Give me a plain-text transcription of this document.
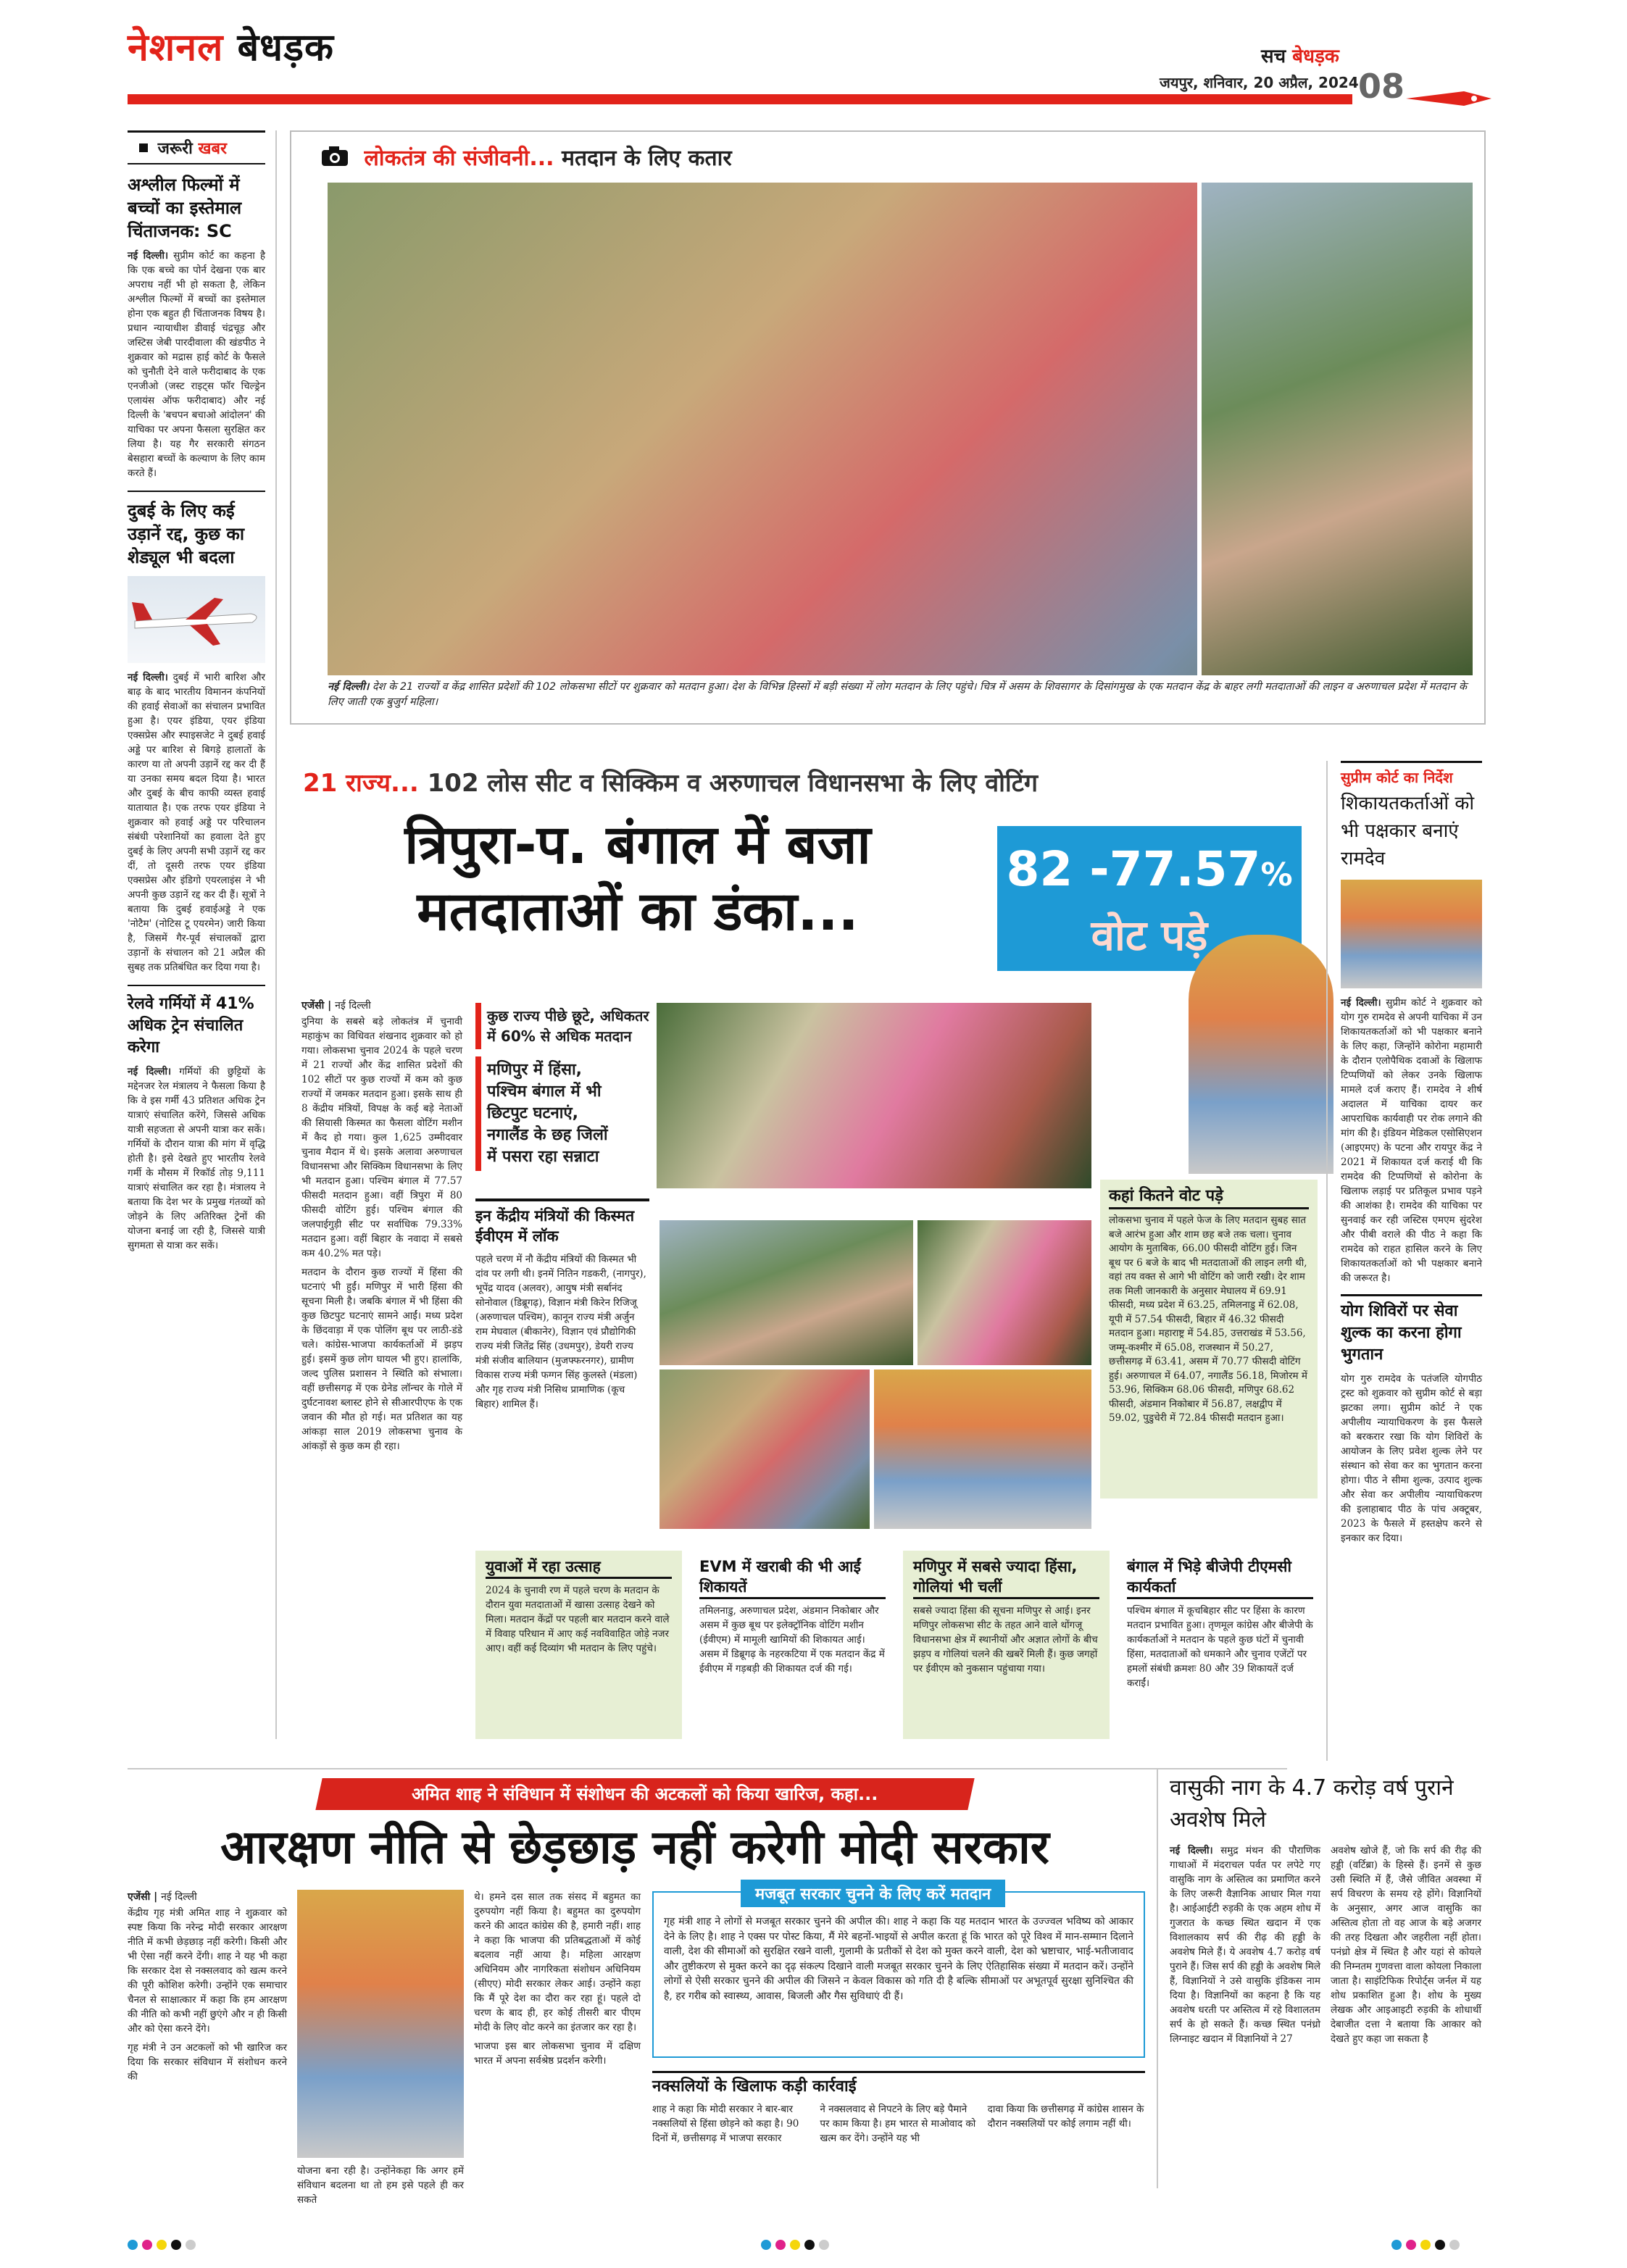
नेशनल बेधड़क	सच बेधड़क
जयपुर, शनिवार, 20 अप्रैल, 2024 08
जरूरी खबर
अश्लील फिल्मों में बच्चों का इस्तेमाल चिंताजनक: SC
नई दिल्ली। सुप्रीम कोर्ट का कहना है कि एक बच्चे का पोर्न देखना एक बार अपराध नहीं भी हो सकता है, लेकिन अश्लील फिल्मों में बच्चों का इस्तेमाल होना एक बहुत ही चिंताजनक विषय है। प्रधान न्यायाधीश डीवाई चंद्रचूड़ और जस्टिस जेबी पारदीवाला की खंडपीठ ने शुक्रवार को मद्रास हाई कोर्ट के फैसले को चुनौती देने वाले फरीदाबाद के एक एनजीओ (जस्ट राइट्स फॉर चिल्ड्रेन एलायंस ऑफ फरीदाबाद) और नई दिल्ली के 'बचपन बचाओ आंदोलन' की याचिका पर अपना फैसला सुरक्षित कर लिया है। यह गैर सरकारी संगठन बेसहारा बच्चों के कल्याण के लिए काम करते हैं।
दुबई के लिए कई उड़ानें रद्द, कुछ का शेड्यूल भी बदला
नई दिल्ली। दुबई में भारी बारिश और बाढ़ के बाद भारतीय विमानन कंपनियों की हवाई सेवाओं का संचालन प्रभावित हुआ है। एयर इंडिया, एयर इंडिया एक्सप्रेस और स्पाइसजेट ने दुबई हवाई अड्डे पर बारिश से बिगड़े हालातों के कारण या तो अपनी उड़ानें रद्द कर दी हैं या उनका समय बदल दिया है। भारत और दुबई के बीच काफी व्यस्त हवाई यातायात है। एक तरफ एयर इंडिया ने शुक्रवार को हवाई अड्डे पर परिचालन संबंधी परेशानियों का हवाला देते हुए दुबई के लिए अपनी सभी उड़ानें रद्द कर दीं, तो दूसरी तरफ एयर इंडिया एक्सप्रेस और इंडिगो एयरलाइंस ने भी अपनी कुछ उड़ानें रद्द कर दी हैं। सूत्रों ने बताया कि दुबई हवाईअड्डे ने एक 'नोटैम' (नोटिस टू एयरमेन) जारी किया है, जिसमें गैर-पूर्व संचालकों द्वारा उड़ानों के संचालन को 21 अप्रैल की सुबह तक प्रतिबंधित कर दिया गया है।
रेलवे गर्मियों में 41% अधिक ट्रेन संचालित करेगा
नई दिल्ली। गर्मियों की छुट्टियों के मद्देनजर रेल मंत्रालय ने फैसला किया है कि वे इस गर्मी 43 प्रतिशत अधिक ट्रेन यात्राएं संचालित करेंगे, जिससे अधिक यात्री सहजता से अपनी यात्रा कर सकें। गर्मियों के दौरान यात्रा की मांग में वृद्धि होती है। इसे देखते हुए भारतीय रेलवे गर्मी के मौसम में रिकॉर्ड तोड़ 9,111 यात्राएं संचालित कर रहा है। मंत्रालय ने बताया कि देश भर के प्रमुख गंतव्यों को जोड़ने के लिए अतिरिक्त ट्रेनों की योजना बनाई जा रही है, जिससे यात्री सुगमता से यात्रा कर सकें।
लोकतंत्र की संजीवनी... मतदान के लिए कतार
नई दिल्ली। देश के 21 राज्यों व केंद्र शासित प्रदेशों की 102 लोकसभा सीटों पर शुक्रवार को मतदान हुआ। देश के विभिन्न हिस्सों में बड़ी संख्या में लोग मतदान के लिए पहुंचे। चित्र में असम के शिवसागर के दिसांगमुख के एक मतदान केंद्र के बाहर लगी मतदाताओं की लाइन व अरुणाचल प्रदेश में मतदान के लिए जाती एक बुजुर्ग महिला।
21 राज्य... 102 लोस सीट व सिक्किम व अरुणाचल विधानसभा के लिए वोटिंग
त्रिपुरा-प. बंगाल में बजा
मतदाताओं का डंका...
82 -77.57%
वोट पड़े
एजेंसी | नई दिल्ली
दुनिया के सबसे बड़े लोकतंत्र में चुनावी महाकुंभ का विधिवत शंखनाद शुक्रवार को हो गया। लोकसभा चुनाव 2024 के पहले चरण में 21 राज्यों और केंद्र शासित प्रदेशों की 102 सीटों पर कुछ राज्यों में कम को कुछ राज्यों में जमकर मतदान हुआ। इसके साथ ही 8 केंद्रीय मंत्रियों, विपक्ष के कई बड़े नेताओं की सियासी किस्मत का फैसला वोटिंग मशीन में कैद हो गया। कुल 1,625 उम्मीदवार चुनाव मैदान में थे। इसके अलावा अरुणाचल विधानसभा और सिक्किम विधानसभा के लिए भी मतदान हुआ। पश्चिम बंगाल में 77.57 फीसदी मतदान हुआ। वहीं त्रिपुरा में 80 फीसदी वोटिंग हुई। पश्चिम बंगाल की जलपाईगुड़ी सीट पर सर्वाधिक 79.33% मतदान हुआ। वहीं बिहार के नवादा में सबसे कम 40.2% मत पड़े।
मतदान के दौरान कुछ राज्यों में हिंसा की घटनाएं भी हुईं। मणिपुर में भारी हिंसा की सूचना मिली है। जबकि बंगाल में भी हिंसा की कुछ छिटपुट घटनाएं सामने आईं। मध्य प्रदेश के छिंदवाड़ा में एक पोलिंग बूथ पर लाठी-डंडे चले। कांग्रेस-भाजपा कार्यकर्ताओं में झड़प हुई। इसमें कुछ लोग घायल भी हुए। हालांकि, जल्द पुलिस प्रशासन ने स्थिति को संभाला। वहीं छत्तीसगढ़ में एक ग्रेनेड लॉन्चर के गोले में दुर्घटनावश ब्लास्ट होने से सीआरपीएफ के एक जवान की मौत हो गई। मत प्रतिशत का यह आंकड़ा साल 2019 लोकसभा चुनाव के आंकड़ों से कुछ कम ही रहा।
कुछ राज्य पीछे छूटे, अधिकतर में 60% से अधिक मतदान
मणिपुर में हिंसा,
पश्चिम बंगाल में भी
छिटपुट घटनाएं,
नगालैंड के छह जिलों
में पसरा रहा सन्नाटा
इन केंद्रीय मंत्रियों की किस्मत ईवीएम में लॉक
पहले चरण में नौ केंद्रीय मंत्रियों की किस्मत भी दांव पर लगी थी। इनमें नितिन गडकरी, (नागपुर), भूपेंद्र यादव (अलवर), आयुष मंत्री सर्बानंद सोनोवाल (डिब्रूगढ़), विज्ञान मंत्री किरेन रिजिजू (अरुणाचल पश्चिम), कानून राज्य मंत्री अर्जुन राम मेघवाल (बीकानेर), विज्ञान एवं प्रौद्योगिकी राज्य मंत्री जितेंद्र सिंह (उधमपुर), डेयरी राज्य मंत्री संजीव बालियान (मुजफ्फरनगर), ग्रामीण विकास राज्य मंत्री फग्गन सिंह कुलस्ते (मंडला) और गृह राज्य मंत्री निसिथ प्रामाणिक (कूच बिहार) शामिल हैं।
कहां कितने वोट पड़े
लोकसभा चुनाव में पहले फेज के लिए मतदान सुबह सात बजे आरंभ हुआ और शाम छह बजे तक चला। चुनाव आयोग के मुताबिक, 66.00 फीसदी वोटिंग हुई। जिन बूथ पर 6 बजे के बाद भी मतदाताओं की लाइन लगी थी, वहां तय वक्त से आगे भी वोटिंग को जारी रखी। देर शाम तक मिली जानकारी के अनुसार मेघालय में 69.91 फीसदी, मध्य प्रदेश में 63.25, तमिलनाडु में 62.08, यूपी में 57.54 फीसदी, बिहार में 46.32 फीसदी मतदान हुआ। महाराष्ट्र में 54.85, उत्तराखंड में 53.56, जम्मू-कश्मीर में 65.08, राजस्थान में 50.27, छत्तीसगढ़ में 63.41, असम में 70.77 फीसदी वोटिंग हुई। अरुणाचल में 64.07, नगालैंड 56.18, मिजोरम में 53.96, सिक्किम 68.06 फीसदी, मणिपुर 68.62 फीसदी, अंडमान निकोबार में 56.87, लक्षद्वीप में 59.02, पुडुचेरी में 72.84 फीसदी मतदान हुआ।
युवाओं में रहा उत्साह
2024 के चुनावी रण में पहले चरण के मतदान के दौरान युवा मतदाताओं में खासा उत्साह देखने को मिला। मतदान केंद्रों पर पहली बार मतदान करने वाले में विवाह परिधान में आए कई नवविवाहित जोड़े नजर आए। वहीं कई दिव्यांग भी मतदान के लिए पहुंचे।
EVM में खराबी की भी आईं शिकायतें
तमिलनाडु, अरुणाचल प्रदेश, अंडमान निकोबार और असम में कुछ बूथ पर इलेक्ट्रॉनिक वोटिंग मशीन (ईवीएम) में मामूली खामियों की शिकायत आई। असम में डिब्रूगढ़ के नहरकटिया में एक मतदान केंद्र में ईवीएम में गड़बड़ी की शिकायत दर्ज की गई।
मणिपुर में सबसे ज्यादा हिंसा, गोलियां भी चलीं
सबसे ज्यादा हिंसा की सूचना मणिपुर से आई। इनर मणिपुर लोकसभा सीट के तहत आने वाले थोंगजू विधानसभा क्षेत्र में स्थानीयों और अज्ञात लोगों के बीच झड़प व गोलियां चलने की खबरें मिली हैं। कुछ जगहों पर ईवीएम को नुकसान पहुंचाया गया।
बंगाल में भिड़े बीजेपी टीएमसी कार्यकर्ता
पश्चिम बंगाल में कूचबिहार सीट पर हिंसा के कारण मतदान प्रभावित हुआ। तृणमूल कांग्रेस और बीजेपी के कार्यकर्ताओं ने मतदान के पहले कुछ घंटों में चुनावी हिंसा, मतदाताओं को धमकाने और चुनाव एजेंटों पर हमलों संबंधी क्रमशः 80 और 39 शिकायतें दर्ज कराईं।
सुप्रीम कोर्ट का निर्देश
शिकायतकर्ताओं को भी पक्षकार बनाएं रामदेव
नई दिल्ली। सुप्रीम कोर्ट ने शुक्रवार को योग गुरु रामदेव से अपनी याचिका में उन शिकायतकर्ताओं को भी पक्षकार बनाने के लिए कहा, जिन्होंने कोरोना महामारी के दौरान एलोपैथिक दवाओं के खिलाफ टिप्पणियों को लेकर उनके खिलाफ मामले दर्ज कराए हैं। रामदेव ने शीर्ष अदालत में याचिका दायर कर आपराधिक कार्यवाही पर रोक लगाने की मांग की है। इंडियन मेडिकल एसोसिएशन (आइएमए) के पटना और रायपुर केंद्र ने 2021 में शिकायत दर्ज कराई थी कि रामदेव की टिप्पणियों से कोरोना के खिलाफ लड़ाई पर प्रतिकूल प्रभाव पड़ने की आशंका है। रामदेव की याचिका पर सुनवाई कर रही जस्टिस एमएम सुंदरेश और पीबी वराले की पीठ ने कहा कि रामदेव को राहत हासिल करने के लिए शिकायतकर्ताओं को भी पक्षकार बनाने की जरूरत है।
योग शिविरों पर सेवा शुल्क का करना होगा भुगतान
योग गुरु रामदेव के पतंजलि योगपीठ ट्रस्ट को शुक्रवार को सुप्रीम कोर्ट से बड़ा झटका लगा। सुप्रीम कोर्ट ने एक अपीलीय न्यायाधिकरण के इस फैसले को बरकरार रखा कि योग शिविरों के आयोजन के लिए प्रवेश शुल्क लेने पर संस्थान को सेवा कर का भुगतान करना होगा। पीठ ने सीमा शुल्क, उत्पाद शुल्क और सेवा कर अपीलीय न्यायाधिकरण की इलाहाबाद पीठ के पांच अक्टूबर, 2023 के फैसले में हस्तक्षेप करने से इनकार कर दिया।
अमित शाह ने संविधान में संशोधन की अटकलों को किया खारिज, कहा...
आरक्षण नीति से छेड़छाड़ नहीं करेगी मोदी सरकार
एजेंसी | नई दिल्ली
केंद्रीय गृह मंत्री अमित शाह ने शुक्रवार को स्पष्ट किया कि नरेन्द्र मोदी सरकार आरक्षण नीति में कभी छेड़छाड़ नहीं करेगी। किसी और भी ऐसा नहीं करने देंगी। शाह ने यह भी कहा कि सरकार देश से नक्सलवाद को खत्म करने की पूरी कोशिश करेगी। उन्होंने एक समाचार चैनल से साक्षात्कार में कहा कि हम आरक्षण की नीति को कभी नहीं छुएंगे और न ही किसी और को ऐसा करने देंगे।
गृह मंत्री ने उन अटकलों को भी खारिज कर दिया कि सरकार संविधान में संशोधन करने की
योजना बना रही है। उन्होंनेकहा कि अगर हमें संविधान बदलना था तो हम इसे पहले ही कर सकते
थे। हमने दस साल तक संसद में बहुमत का दुरुपयोग नहीं किया है। बहुमत का दुरुपयोग करने की आदत कांग्रेस की है, हमारी नहीं। शाह ने कहा कि भाजपा की प्रतिबद्धताओं में कोई बदलाव नहीं आया है। महिला आरक्षण अधिनियम और नागरिकता संशोधन अधिनियम (सीएए) मोदी सरकार लेकर आई। उन्होंने कहा कि मैं पूरे देश का दौरा कर रहा हूं। पहले दो चरण के बाद ही, हर कोई तीसरी बार पीएम मोदी के लिए वोट करने का इंतजार कर रहा है।
भाजपा इस बार लोकसभा चुनाव में दक्षिण भारत में अपना सर्वश्रेष्ठ प्रदर्शन करेगी।
मजबूत सरकार चुनने के लिए करें मतदान
गृह मंत्री शाह ने लोगों से मजबूत सरकार चुनने की अपील की। शाह ने कहा कि यह मतदान भारत के उज्ज्वल भविष्य को आकार देने के लिए है। शाह ने एक्स पर पोस्ट किया, मैं मेरे बहनों-भाइयों से अपील करता हूं कि भारत को पूरे विश्व में मान-सम्मान दिलाने वाली, देश की सीमाओं को सुरक्षित रखने वाली, गुलामी के प्रतीकों से देश को मुक्त करने वाली, देश को भ्रष्टाचार, भाई-भतीजावाद और तुष्टीकरण से मुक्त करने का दृढ़ संकल्प दिखाने वाली मजबूत सरकार चुनने के लिए ऐतिहासिक संख्या में मतदान करें। उन्होंने लोगों से ऐसी सरकार चुनने की अपील की जिसने न केवल विकास को गति दी है बल्कि सीमाओं पर अभूतपूर्व सुरक्षा सुनिश्चित की है, हर गरीब को स्वास्थ्य, आवास, बिजली और गैस सुविधाएं दी हैं।
नक्सलियों के खिलाफ कड़ी कार्रवाई
शाह ने कहा कि मोदी सरकार ने बार-बार नक्सलियों से हिंसा छोड़ने को कहा है। 90 दिनों में, छत्तीसगढ़ में भाजपा सरकार
ने नक्सलवाद से निपटने के लिए बड़े पैमाने पर काम किया है। हम भारत से माओवाद को खत्म कर देंगे। उन्होंने यह भी
दावा किया कि छत्तीसगढ़ में कांग्रेस शासन के दौरान नक्सलियों पर कोई लगाम नहीं थी।
वासुकी नाग के 4.7 करोड़ वर्ष पुराने अवशेष मिले
नई दिल्ली। समुद्र मंथन की पौराणिक गाथाओं में मंदराचल पर्वत पर लपेटे गए वासुकि नाग के अस्तित्व का प्रमाणित करने के लिए जरूरी वैज्ञानिक आधार मिल गया है। आईआईटी रुड़की के एक अहम शोध में गुजरात के कच्छ स्थित खदान में एक विशालकाय सर्प की रीढ़ की हड्डी के अवशेष मिले हैं। ये अवशेष 4.7 करोड़ वर्ष पुराने हैं। जिस सर्प की हड्डी के अवशेष मिले हैं, विज्ञानियों ने उसे वासुकि इंडिकस नाम दिया है। विज्ञानियों का कहना है कि यह अवशेष धरती पर अस्तित्व में रहे विशालतम सर्प के हो सकते हैं। कच्छ स्थित पनंध्रो लिग्नाइट खदान में विज्ञानियों ने 27
अवशेष खोजे हैं, जो कि सर्प की रीढ़ की हड्डी (वर्टिब्रा) के हिस्से हैं। इनमें से कुछ उसी स्थिति में हैं, जैसे जीवित अवस्था में सर्प विचरण के समय रहे होंगे। विज्ञानियों के अनुसार, अगर आज वासुकि का अस्तित्व होता तो वह आज के बड़े अजगर की तरह दिखता और जहरीला नहीं होता। पनंध्रो क्षेत्र में स्थित है और यहां से कोयले की निम्नतम गुणवत्ता वाला कोयला निकाला जाता है। साइंटिफिक रिपोर्ट्स जर्नल में यह शोध प्रकाशित हुआ है। शोध के मुख्य लेखक और आइआइटी रुड़की के शोधार्थी देबाजीत दत्ता ने बताया कि आकार को देखते हुए कहा जा सकता है
